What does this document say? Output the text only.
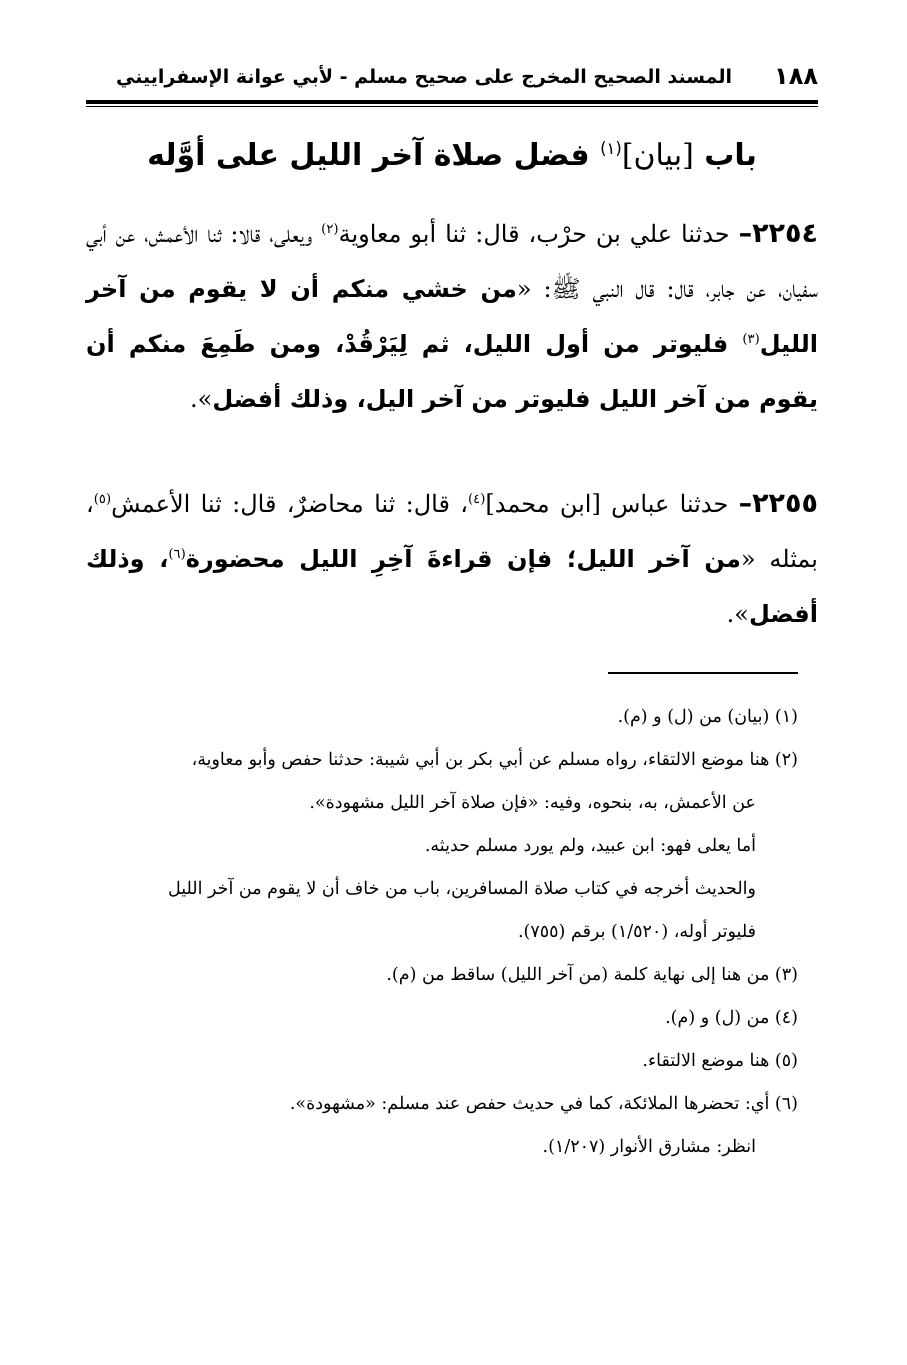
١٨٨
المسند الصحيح المخرج على صحيح مسلم - لأبي عوانة الإسفراييني
باب [بيان]$^{(١)}$ فضل صلاة آخر الليل على أوَّله
٢٢٥٤– حدثنا علي بن حرْب، قال: ثنا أبو معاوية$^{(٢)}$ ويعلى، قالا: ثنا الأعمش، عن أبي سفيان، عن جابر، قال: قال النبي ﷺ: «من خشي منكم أن لا يقوم من آخر الليل$^{(٣)}$ فليوتر من أول الليل، ثم لِيَرْقُدْ، ومن طَمِعَ منكم أن يقوم من آخر الليل فليوتر من آخر اليل، وذلك أفضل».
٢٢٥٥– حدثنا عباس [ابن محمد]$^{(٤)}$، قال: ثنا محاضرٌ، قال: ثنا الأعمش$^{(٥)}$، بمثله «من آخر الليل؛ فإن قراءةَ آخِرِ الليل محضورة$^{(٦)}$، وذلك أفضل».
(١) (بيان) من (ل) و (م).
(٢) هنا موضع الالتقاء، رواه مسلم عن أبي بكر بن أبي شيبة: حدثنا حفص وأبو معاوية،
عن الأعمش، به، بنحوه، وفيه: «فإن صلاة آخر الليل مشهودة».
أما يعلى فهو: ابن عبيد، ولم يورد مسلم حديثه.
والحديث أخرجه في كتاب صلاة المسافرين، باب من خاف أن لا يقوم من آخر الليل
فليوتر أوله، (١/٥٢٠) برقم (٧٥٥).
(٣) من هنا إلى نهاية كلمة (من آخر الليل) ساقط من (م).
(٤) من (ل) و (م).
(٥) هنا موضع الالتقاء.
(٦) أي: تحضرها الملائكة، كما في حديث حفص عند مسلم: «مشهودة».
انظر: مشارق الأنوار (١/٢٠٧).
